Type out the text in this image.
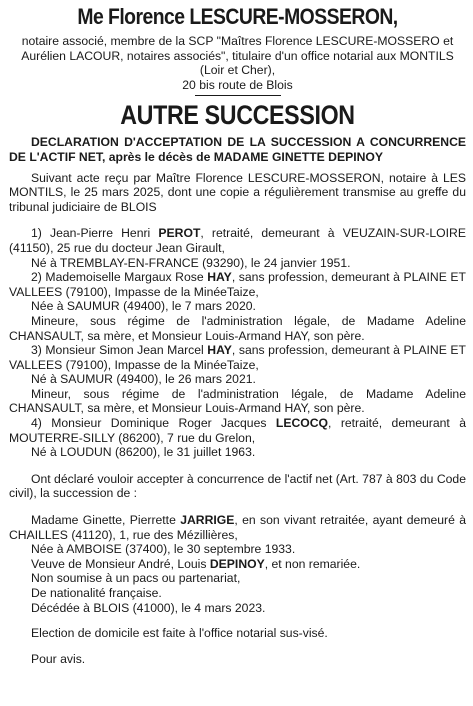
Me Florence LESCURE-MOSSERON,

notaire associé, membre de la SCP "Maîtres Florence LESCURE-MOSSERO et Aurélien LACOUR, notaires associés", titulaire d'un office notarial aux MONTILS (Loir et Cher),

20 bis route de Blois

AUTRE SUCCESSION

DECLARATION D'ACCEPTATION DE LA SUCCESSION A CONCURRENCE DE L'ACTIF NET, après le décès de MADAME GINETTE DEPINOY

Suivant acte reçu par Maître Florence LESCURE-MOSSERON, notaire à LES MONTILS, le 25 mars 2025, dont une copie a régulièrement transmise au greffe du tribunal judiciaire de BLOIS

1) Jean-Pierre Henri PEROT, retraité, demeurant à VEUZAIN-SUR-LOIRE (41150), 25 rue du docteur Jean Girault,

Né à TREMBLAY-EN-FRANCE (93290), le 24 janvier 1951.

2) Mademoiselle Margaux Rose HAY, sans profession, demeurant à PLAINE ET VALLEES (79100), Impasse de la MinéeTaize,

Née à SAUMUR (49400), le 7 mars 2020.

Mineure, sous régime de l'administration légale, de Madame Adeline CHANSAULT, sa mère, et Monsieur Louis-Armand HAY, son père.

3) Monsieur Simon Jean Marcel HAY, sans profession, demeurant à PLAINE ET VALLEES (79100), Impasse de la MinéeTaize,

Né à SAUMUR (49400), le 26 mars 2021.

Mineur, sous régime de l'administration légale, de Madame Adeline CHANSAULT, sa mère, et Monsieur Louis-Armand HAY, son père.

4) Monsieur Dominique Roger Jacques LECOCQ, retraité, demeurant à MOUTERRE-SILLY (86200), 7 rue du Grelon,

Né à LOUDUN (86200), le 31 juillet 1963.

Ont déclaré vouloir accepter à concurrence de l'actif net (Art. 787 à 803 du Code civil), la succession de :

Madame Ginette, Pierrette JARRIGE, en son vivant retraitée, ayant demeuré à CHAILLES (41120), 1, rue des Mézillières,

Née à AMBOISE (37400), le 30 septembre 1933.

Veuve de Monsieur André, Louis DEPINOY, et non remariée.

Non soumise à un pacs ou partenariat,

De nationalité française.

Décédée à BLOIS (41000), le 4 mars 2023.

Election de domicile est faite à l'office notarial sus-visé.

Pour avis.
